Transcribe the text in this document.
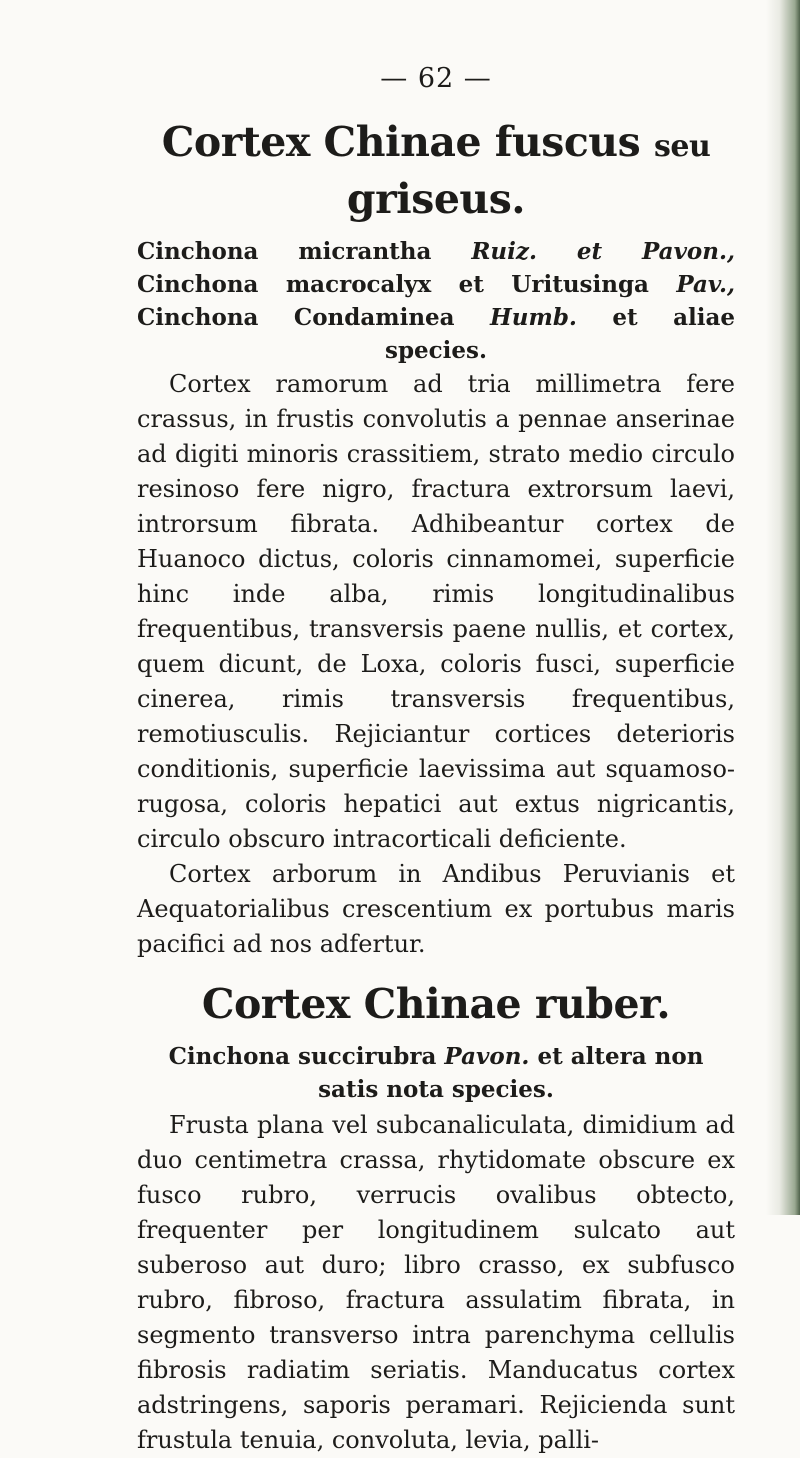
— 62 —
Cortex Chinae fuscus seu griseus.
Cinchona micrantha Ruiz. et Pavon., Cinchona macrocalyx et Uritusinga Pav., Cinchona Condaminea Humb. et aliae species.

Cortex ramorum ad tria millimetra fere crassus, in frustis convolutis a pennae anserinae ad digiti minoris crassitiem, strato medio circulo resinoso fere nigro, fractura extrorsum laevi, introrsum fibrata. Adhibeantur cortex de Huanoco dictus, coloris cinnamomei, superficie hinc inde alba, rimis longitudinalibus frequentibus, transversis paene nullis, et cortex, quem dicunt, de Loxa, coloris fusci, superficie cinerea, rimis transversis frequentibus, remotiusculis. Rejiciantur cortices deterioris conditionis, superficie laevissima aut squamoso-rugosa, coloris hepatici aut extus nigricantis, circulo obscuro intracorticali deficiente.

Cortex arborum in Andibus Peruvianis et Aequatorialibus crescentium ex portubus maris pacifici ad nos adfertur.

Cortex Chinae ruber.
Cinchona succirubra Pavon. et altera non satis nota species.

Frusta plana vel subcanaliculata, dimidium ad duo centimetra crassa, rhytidomate obscure ex fusco rubro, verrucis ovalibus obtecto, frequenter per longitudinem sulcato aut suberoso aut duro; libro crasso, ex subfusco rubro, fibroso, fractura assulatim fibrata, in segmento transverso intra parenchyma cellulis fibrosis radiatim seriatis. Manducatus cortex adstringens, saporis peramari. Rejicienda sunt frustula tenuia, convoluta, levia, palli-
